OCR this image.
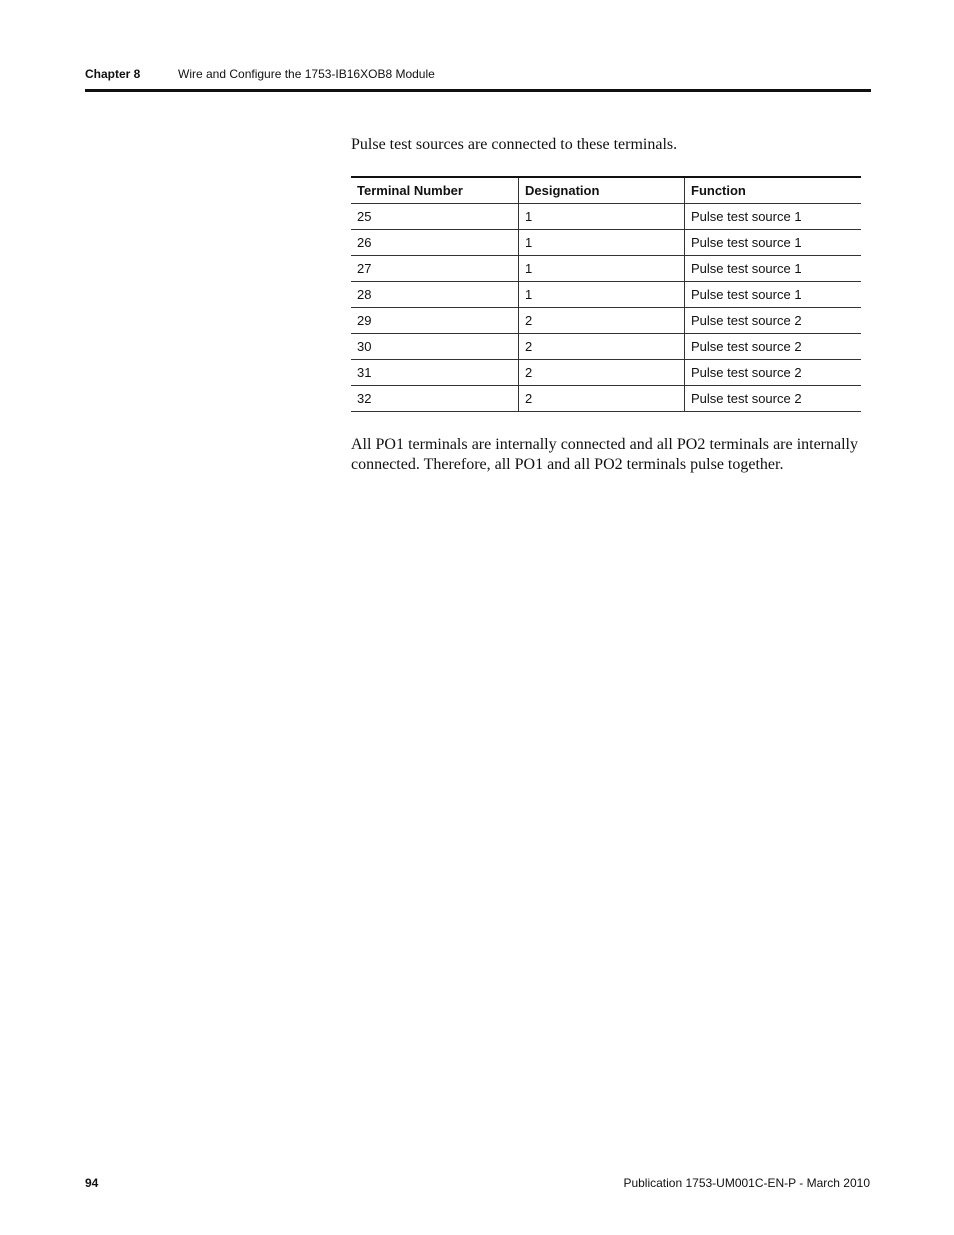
Chapter 8	Wire and Configure the 1753-IB16XOB8 Module
Pulse test sources are connected to these terminals.
Terminal Number	Designation	Function
25	1	Pulse test source 1
26	1	Pulse test source 1
27	1	Pulse test source 1
28	1	Pulse test source 1
29	2	Pulse test source 2
30	2	Pulse test source 2
31	2	Pulse test source 2
32	2	Pulse test source 2
All PO1 terminals are internally connected and all PO2 terminals are internally connected. Therefore, all PO1 and all PO2 terminals pulse together.
94	Publication 1753-UM001C-EN-P - March 2010
